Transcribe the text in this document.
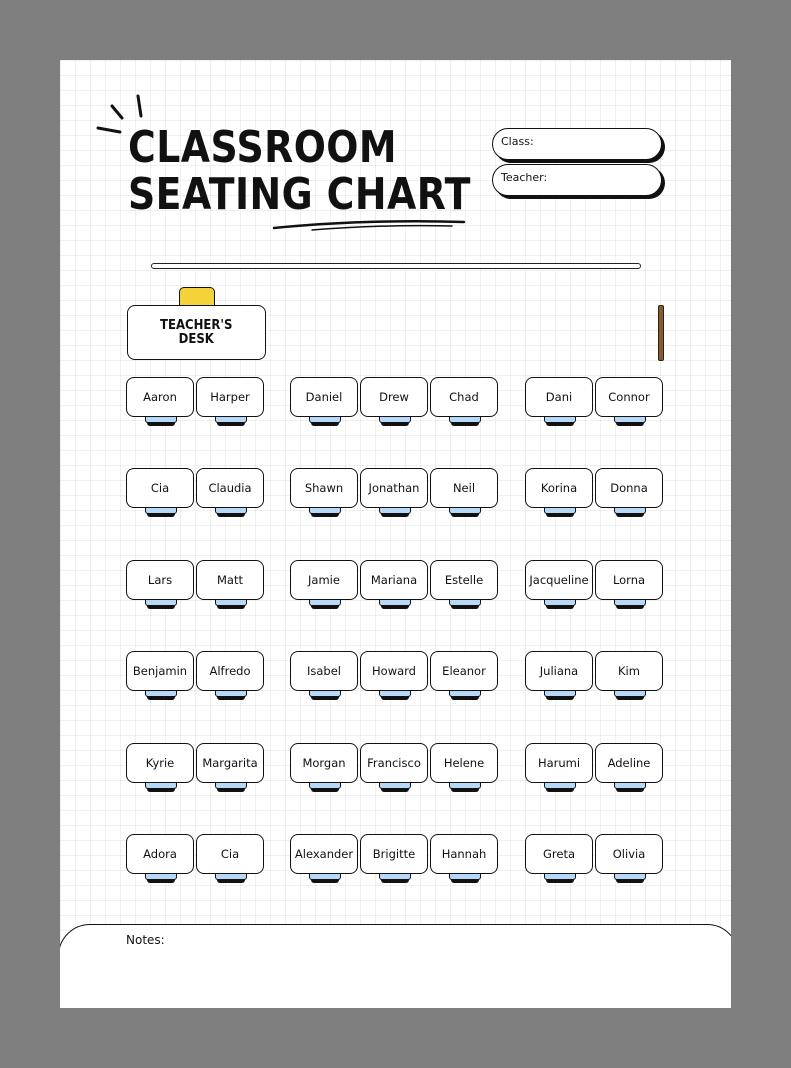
CLASSROOM
SEATING CHART
Class:
Teacher:
TEACHER'S
DESK
Aaron	Harper	Daniel	Drew	Chad	Dani	Connor
Cia	Claudia	Shawn	Jonathan	Neil	Korina	Donna
Lars	Matt	Jamie	Mariana	Estelle	Jacqueline	Lorna
Benjamin	Alfredo	Isabel	Howard	Eleanor	Juliana	Kim
Kyrie	Margarita	Morgan	Francisco	Helene	Harumi	Adeline
Adora	Cia	Alexander	Brigitte	Hannah	Greta	Olivia
Notes:
